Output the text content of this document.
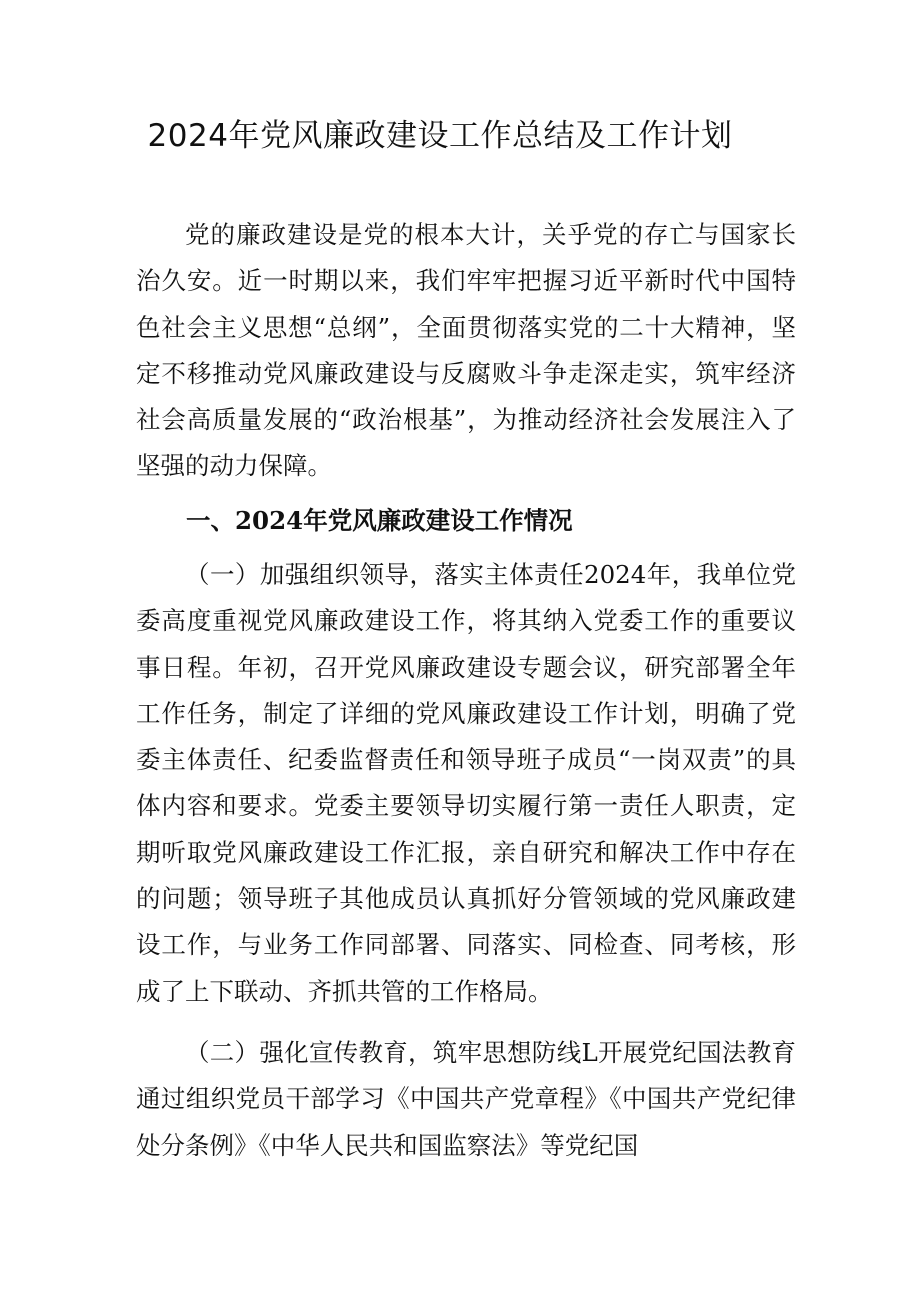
2024年党风廉政建设工作总结及工作计划

党的廉政建设是党的根本大计，关乎党的存亡与国家长治久安。近一时期以来，我们牢牢把握习近平新时代中国特色社会主义思想“总纲”，全面贯彻落实党的二十大精神，坚定不移推动党风廉政建设与反腐败斗争走深走实，筑牢经济社会高质量发展的“政治根基”，为推动经济社会发展注入了坚强的动力保障。

一、2024年党风廉政建设工作情况

（一）加强组织领导，落实主体责任2024年，我单位党委高度重视党风廉政建设工作，将其纳入党委工作的重要议事日程。年初，召开党风廉政建设专题会议，研究部署全年工作任务，制定了详细的党风廉政建设工作计划，明确了党委主体责任、纪委监督责任和领导班子成员“一岗双责”的具体内容和要求。党委主要领导切实履行第一责任人职责，定期听取党风廉政建设工作汇报，亲自研究和解决工作中存在的问题；领导班子其他成员认真抓好分管领域的党风廉政建设工作，与业务工作同部署、同落实、同检查、同考核，形成了上下联动、齐抓共管的工作格局。

（二）强化宣传教育，筑牢思想防线L开展党纪国法教育通过组织党员干部学习《中国共产党章程》《中国共产党纪律处分条例》《中华人民共和国监察法》等党纪国
